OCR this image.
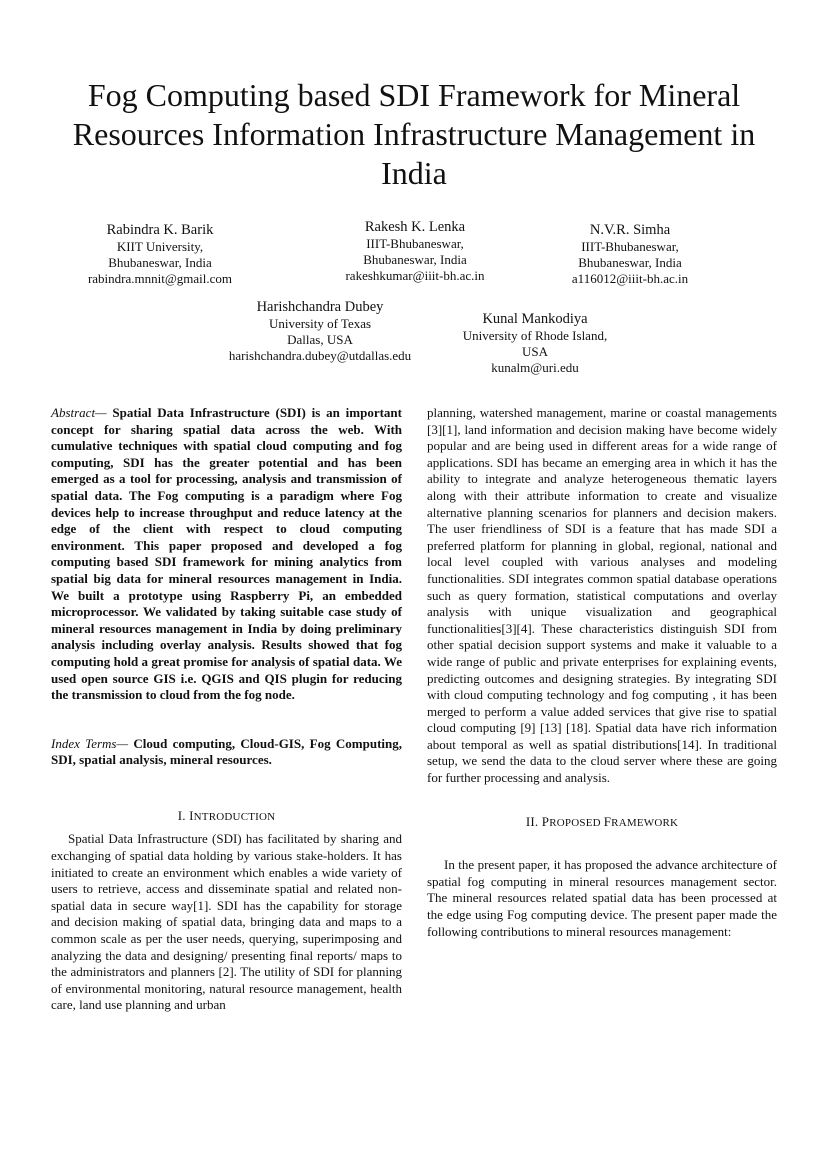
Fog Computing based SDI Framework for Mineral Resources Information Infrastructure Management in India
Rabindra K. Barik
KIIT University,
Bhubaneswar, India
rabindra.mnnit@gmail.com
Rakesh K. Lenka
IIIT-Bhubaneswar,
Bhubaneswar, India
rakeshkumar@iiit-bh.ac.in
N.V.R. Simha
IIIT-Bhubaneswar,
Bhubaneswar, India
a116012@iiit-bh.ac.in
Harishchandra Dubey
University of Texas
Dallas, USA
harishchandra.dubey@utdallas.edu
Kunal Mankodiya
University of Rhode Island,
USA
kunalm@uri.edu

Abstract— Spatial Data Infrastructure (SDI) is an important concept for sharing spatial data across the web. With cumulative techniques with spatial cloud computing and fog computing, SDI has the greater potential and has been emerged as a tool for processing, analysis and transmission of spatial data. The Fog computing is a paradigm where Fog devices help to increase throughput and reduce latency at the edge of the client with respect to cloud computing environment. This paper proposed and developed a fog computing based SDI framework for mining analytics from spatial big data for mineral resources management in India. We built a prototype using Raspberry Pi, an embedded microprocessor. We validated by taking suitable case study of mineral resources management in India by doing preliminary analysis including overlay analysis. Results showed that fog computing hold a great promise for analysis of spatial data. We used open source GIS i.e. QGIS and QIS plugin for reducing the transmission to cloud from the fog node.

Index Terms— Cloud computing, Cloud-GIS, Fog Computing, SDI, spatial analysis, mineral resources.

I. INTRODUCTION

Spatial Data Infrastructure (SDI) has facilitated by sharing and exchanging of spatial data holding by various stake-holders. It has initiated to create an environment which enables a wide variety of users to retrieve, access and disseminate spatial and related non-spatial data in secure way[1]. SDI has the capability for storage and decision making of spatial data, bringing data and maps to a common scale as per the user needs, querying, superimposing and analyzing the data and designing/ presenting final reports/ maps to the administrators and planners [2]. The utility of SDI for planning of environmental monitoring, natural resource management, health care, land use planning and urban

planning, watershed management, marine or coastal managements [3][1], land information and decision making have become widely popular and are being used in different areas for a wide range of applications. SDI has became an emerging area in which it has the ability to integrate and analyze heterogeneous thematic layers along with their attribute information to create and visualize alternative planning scenarios for planners and decision makers. The user friendliness of SDI is a feature that has made SDI a preferred platform for planning in global, regional, national and local level coupled with various analyses and modeling functionalities. SDI integrates common spatial database operations such as query formation, statistical computations and overlay analysis with unique visualization and geographical functionalities[3][4]. These characteristics distinguish SDI from other spatial decision support systems and make it valuable to a wide range of public and private enterprises for explaining events, predicting outcomes and designing strategies. By integrating SDI with cloud computing technology and fog computing , it has been merged to perform a value added services that give rise to spatial cloud computing [9] [13] [18]. Spatial data have rich information about temporal as well as spatial distributions[14]. In traditional setup, we send the data to the cloud server where these are going for further processing and analysis.

II. PROPOSED FRAMEWORK

In the present paper, it has proposed the advance architecture of spatial fog computing in mineral resources management sector. The mineral resources related spatial data has been processed at the edge using Fog computing device. The present paper made the following contributions to mineral resources management:
